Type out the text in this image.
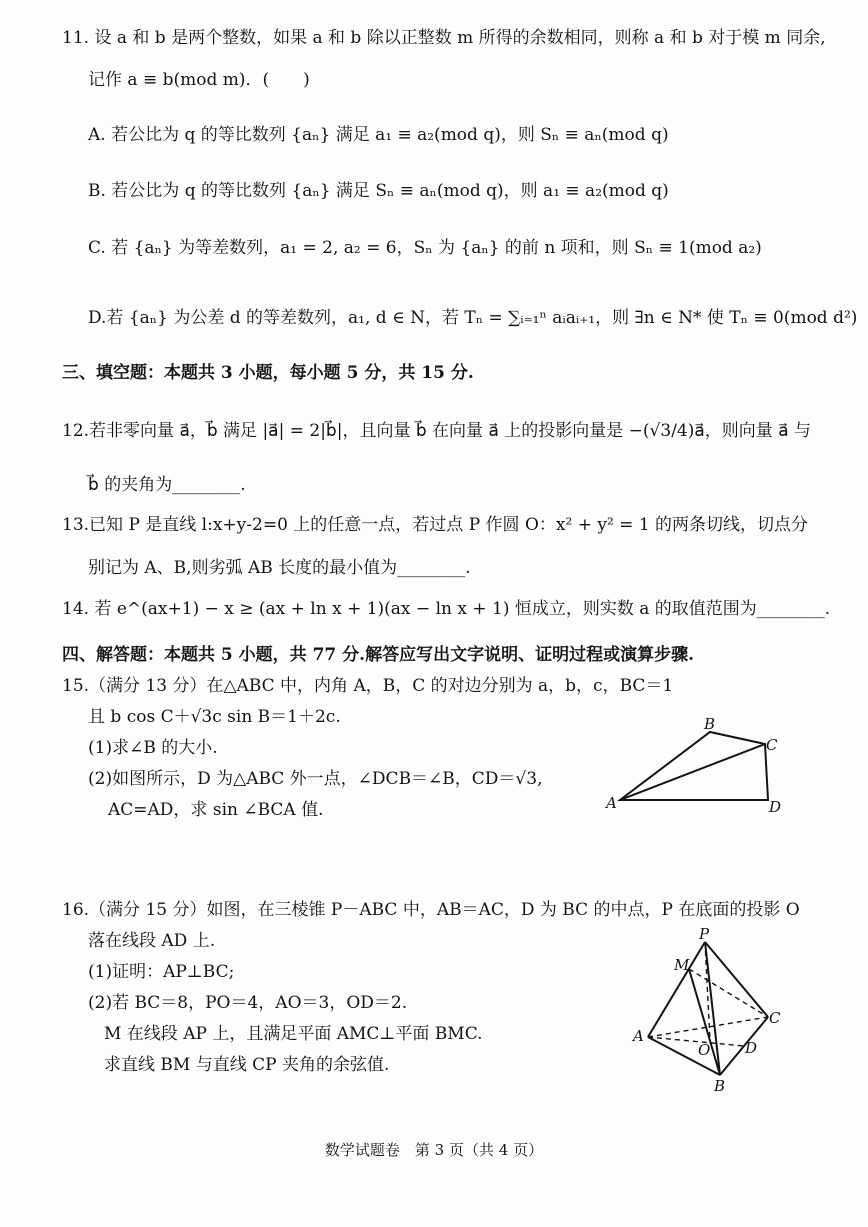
11. 设 a 和 b 是两个整数，如果 a 和 b 除以正整数 m 所得的余数相同，则称 a 和 b 对于模 m 同余,
记作 a ≡ b(mod m)．(　　)
A. 若公比为 q 的等比数列 {aₙ} 满足 a₁ ≡ a₂(mod q)，则 Sₙ ≡ aₙ(mod q)
B. 若公比为 q 的等比数列 {aₙ} 满足 Sₙ ≡ aₙ(mod q)，则 a₁ ≡ a₂(mod q)
C. 若 {aₙ} 为等差数列，a₁ = 2, a₂ = 6，Sₙ 为 {aₙ} 的前 n 项和，则 Sₙ ≡ 1(mod a₂)
D.若 {aₙ} 为公差 d 的等差数列，a₁, d ∈ N，若 Tₙ = ∑ᵢ₌₁ⁿ aᵢaᵢ₊₁，则 ∃n ∈ N* 使 Tₙ ≡ 0(mod d²)
三、填空题：本题共 3 小题，每小题 5 分，共 15 分.
12.若非零向量 a⃗，b⃗ 满足 |a⃗| = 2|b⃗|，且向量 b⃗ 在向量 a⃗ 上的投影向量是 −(√3/4)a⃗，则向量 a⃗ 与
b⃗ 的夹角为________.
13.已知 P 是直线 l:x+y-2=0 上的任意一点，若过点 P 作圆 O：x² + y² = 1 的两条切线，切点分
别记为 A、B,则劣弧 AB 长度的最小值为________.
14. 若 e^(ax+1) − x ≥ (ax + ln x + 1)(ax − ln x + 1) 恒成立，则实数 a 的取值范围为________.
四、解答题：本题共 5 小题，共 77 分.解答应写出文字说明、证明过程或演算步骤.
15.（满分 13 分）在△ABC 中，内角 A，B，C 的对边分别为 a，b，c，BC＝1
且 b cos C＋√3c sin B＝1＋2c.
(1)求∠B 的大小.
(2)如图所示，D 为△ABC 外一点，∠DCB＝∠B，CD＝√3,
AC=AD，求 sin ∠BCA 值.	A
B
C
D
16.（满分 15 分）如图，在三棱锥 P－ABC 中，AB＝AC，D 为 BC 的中点，P 在底面的投影 O
落在线段 AD 上.
(1)证明：AP⊥BC;
(2)若 BC＝8，PO＝4，AO＝3，OD＝2.
M 在线段 AP 上，且满足平面 AMC⊥平面 BMC.
求直线 BM 与直线 CP 夹角的余弦值.
P
M
A
C
O D
B
数学试题卷　第 3 页（共 4 页）
